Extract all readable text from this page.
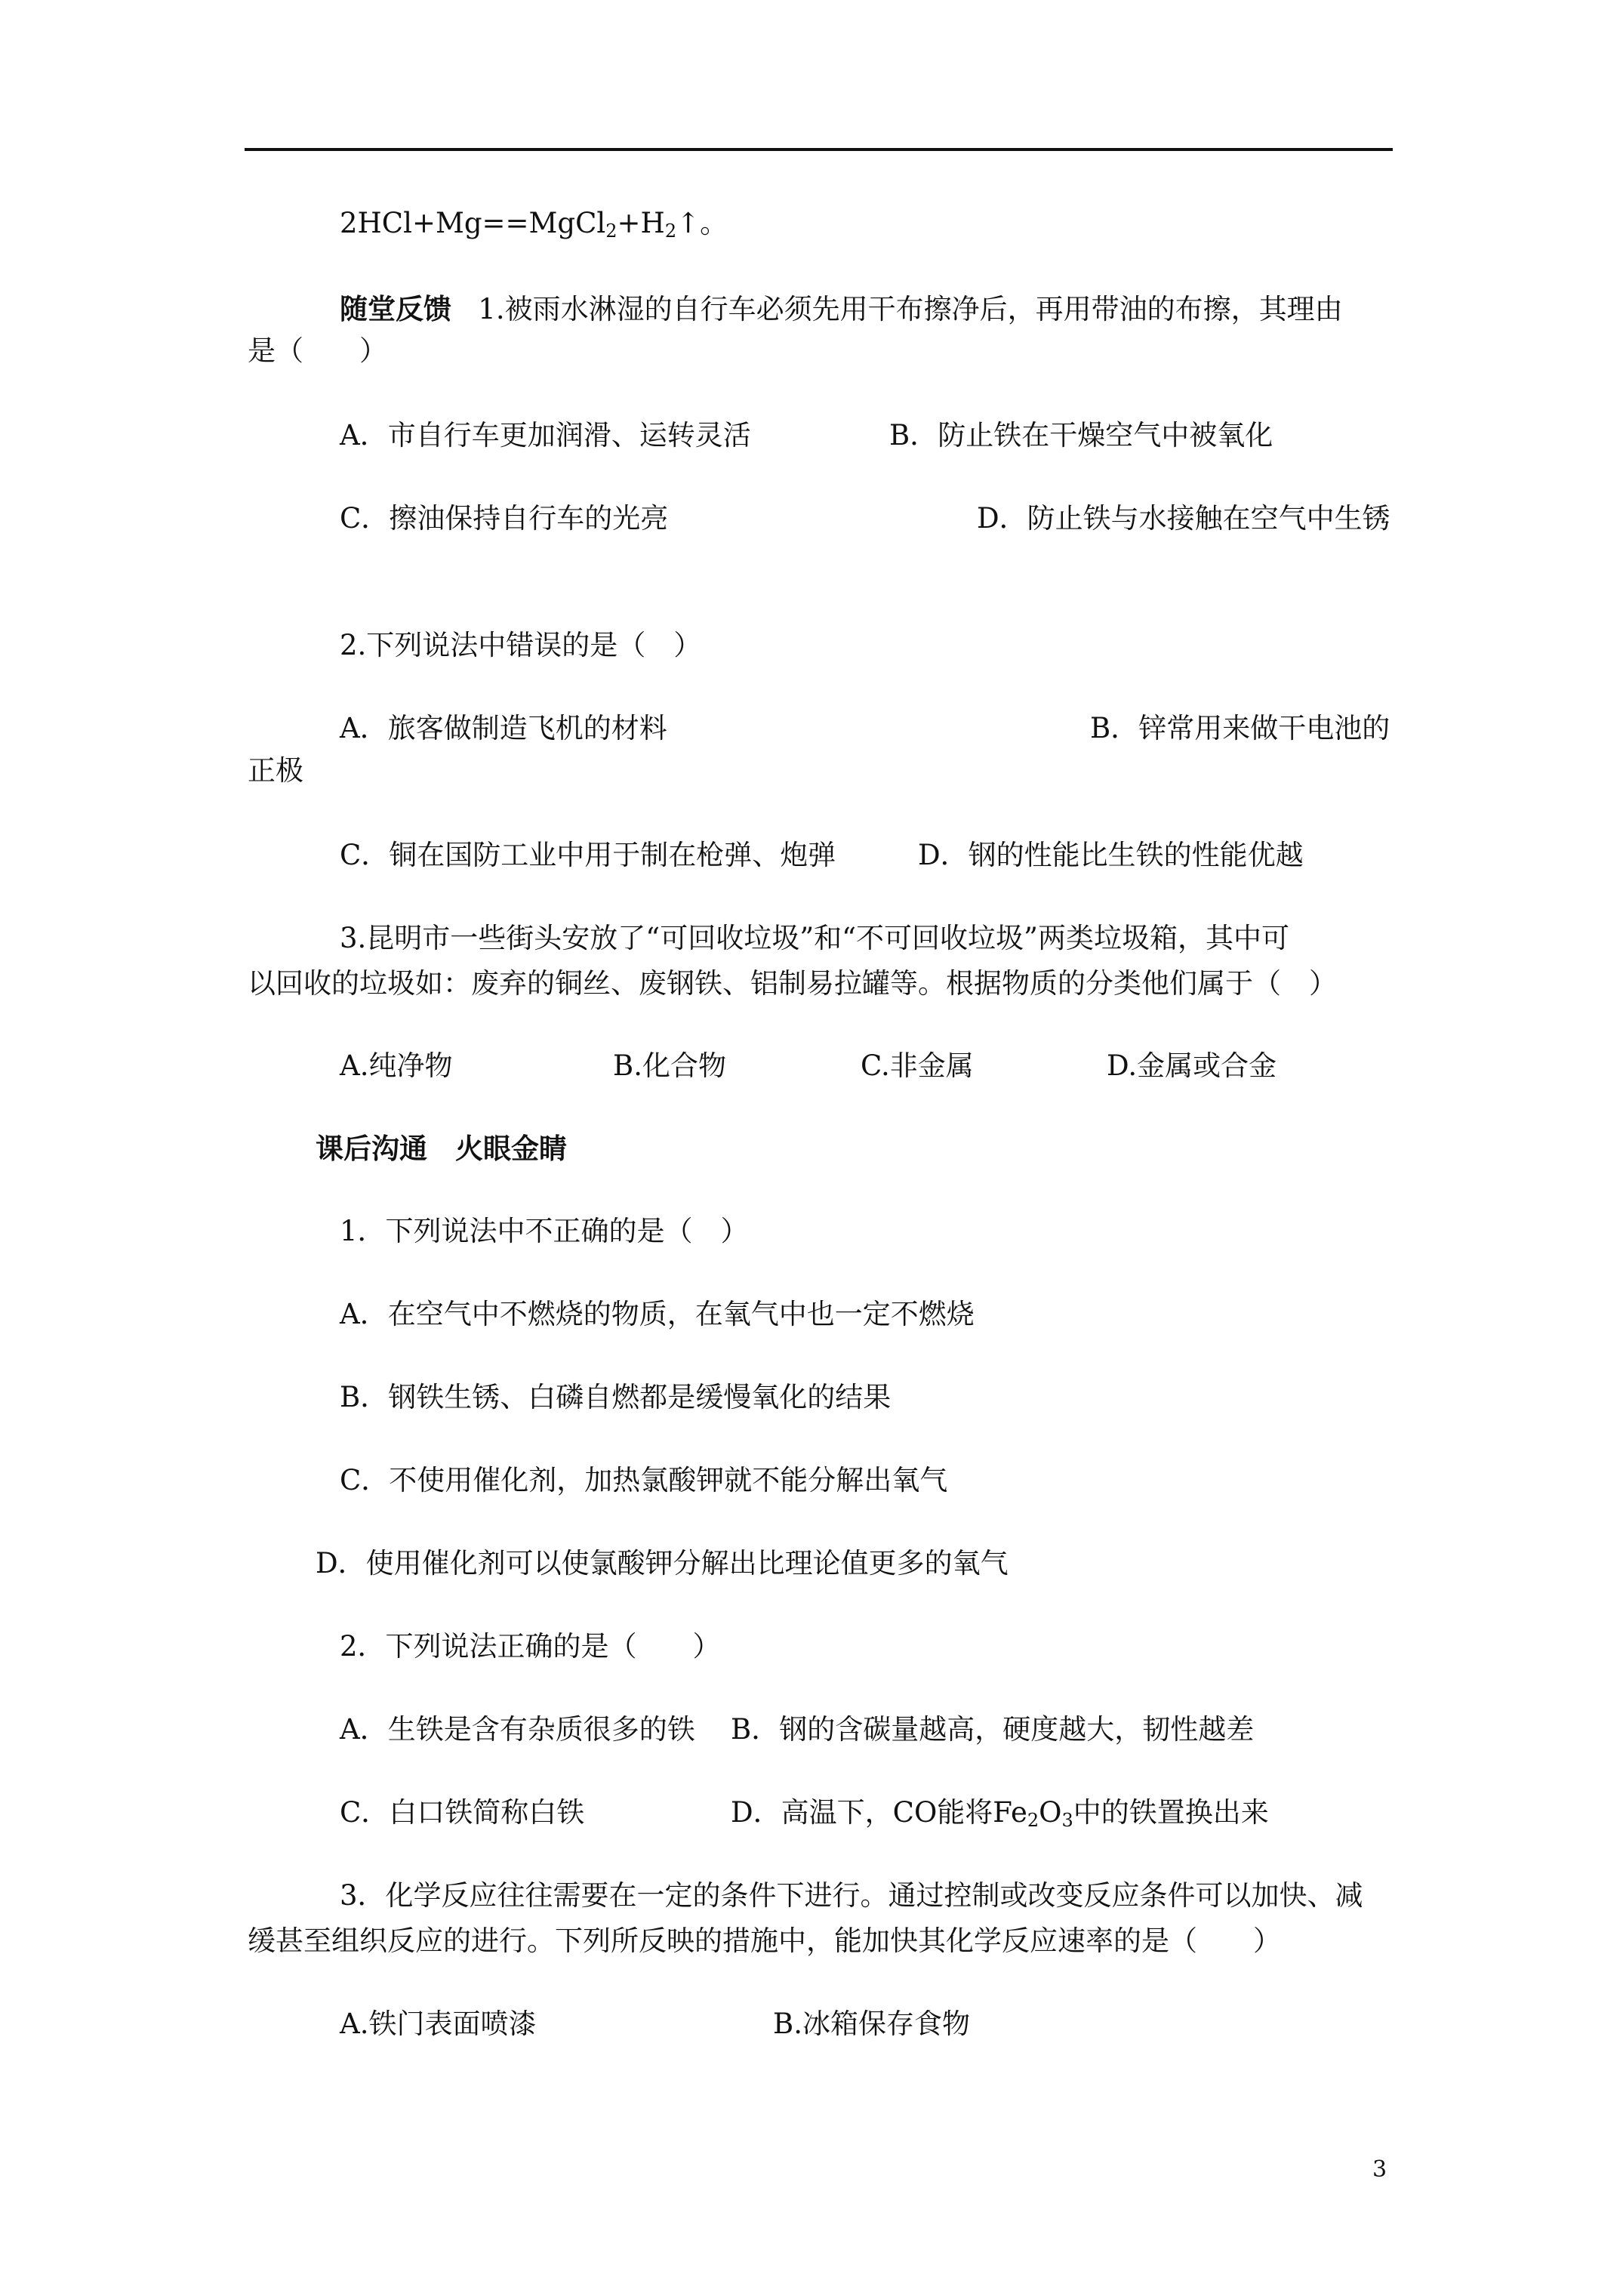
$2HCl+Mg==MgCl_2+H_2↑$。
随堂反馈 1.被雨水淋湿的自行车必须先用干布擦净后，再用带油的布擦，其理由
是（　　）
A．市自行车更加润滑、运转灵活	B．防止铁在干燥空气中被氧化
C．擦油保持自行车的光亮	D．防止铁与水接触在空气中生锈
2.下列说法中错误的是（　）
A．旅客做制造飞机的材料	B．锌常用来做干电池的
正极
C．铜在国防工业中用于制在枪弹、炮弹	D．钢的性能比生铁的性能优越
3.昆明市一些街头安放了“可回收垃圾”和“不可回收垃圾”两类垃圾箱，其中可
以回收的垃圾如：废弃的铜丝、废钢铁、铝制易拉罐等。根据物质的分类他们属于（　）
A.纯净物	B.化合物	C.非金属	D.金属或合金
课后沟通　火眼金睛
1．下列说法中不正确的是（　）
A．在空气中不燃烧的物质，在氧气中也一定不燃烧
B．钢铁生锈、白磷自燃都是缓慢氧化的结果
C．不使用催化剂，加热氯酸钾就不能分解出氧气
D．使用催化剂可以使氯酸钾分解出比理论值更多的氧气
2．下列说法正确的是（　　）
A．生铁是含有杂质很多的铁 B．钢的含碳量越高，硬度越大，韧性越差
C．白口铁简称白铁	D．高温下，CO能将$Fe_2O_3$中的铁置换出来
3．化学反应往往需要在一定的条件下进行。通过控制或改变反应条件可以加快、减
缓甚至组织反应的进行。下列所反映的措施中，能加快其化学反应速率的是（　　）
A.铁门表面喷漆	B.冰箱保存食物
3
